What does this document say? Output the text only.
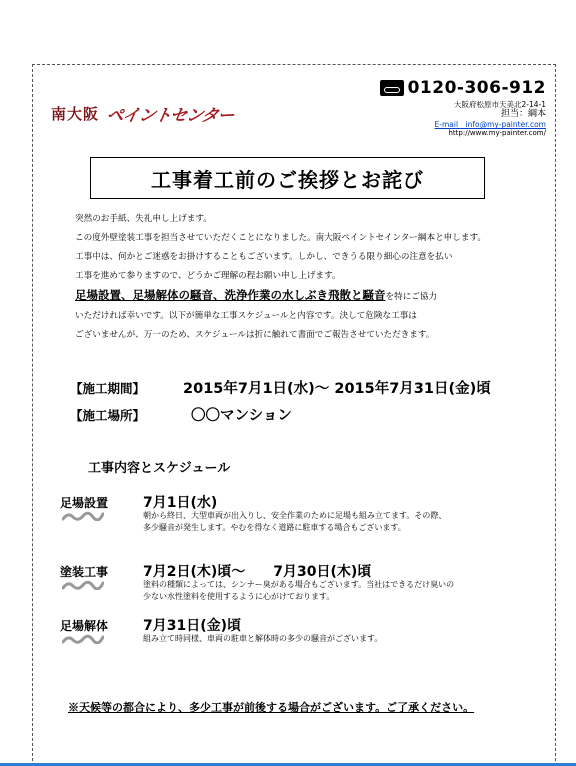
南大阪 ペイントセンター
0120-306-912
大阪府松原市天美北2-14-1
担当：綱本
E-mail　info@my-painter.com
http://www.my-painter.com/
工事着工前のご挨拶とお詫び

突然のお手紙、失礼申し上げます。

この度外壁塗装工事を担当させていただくことになりました。南大阪ペイントセインター綱本と申します。

工事中は、何かとご迷惑をお掛けすることもございます。しかし、できうる限り細心の注意を払い

工事を進めて参りますので、どうかご理解の程お願い申し上げます。

足場設置、足場解体の騒音、洗浄作業の水しぶき飛散と騒音を特にご協力

いただければ幸いです。以下が簡単な工事スケジュールと内容です。決して危険な工事は

ございませんが、万一のため、スケジュールは折に触れて書面でご報告させていただきます。

【施工期間】	2015年7月1日(水)～ 2015年7月31日(金)頃
【施工場所】	〇〇マンション
工事内容とスケジュール
足場設置 7月1日(水)
朝から終日、大型車両が出入りし、安全作業のために足場も組み立てます。その際、
多少騒音が発生します。やむを得なく道路に駐車する場合もございます。
塗装工事 7月2日(木)頃～　　7月30日(木)頃
塗料の種類によっては、シンナー臭がある場合もございます。当社はできるだけ臭いの
少ない水性塗料を使用するように心がけております。
足場解体 7月31日(金)頃
組み立て時同様、車両の駐車と解体時の多少の騒音がございます。
※天候等の都合により、多少工事が前後する場合がございます。ご了承ください。
